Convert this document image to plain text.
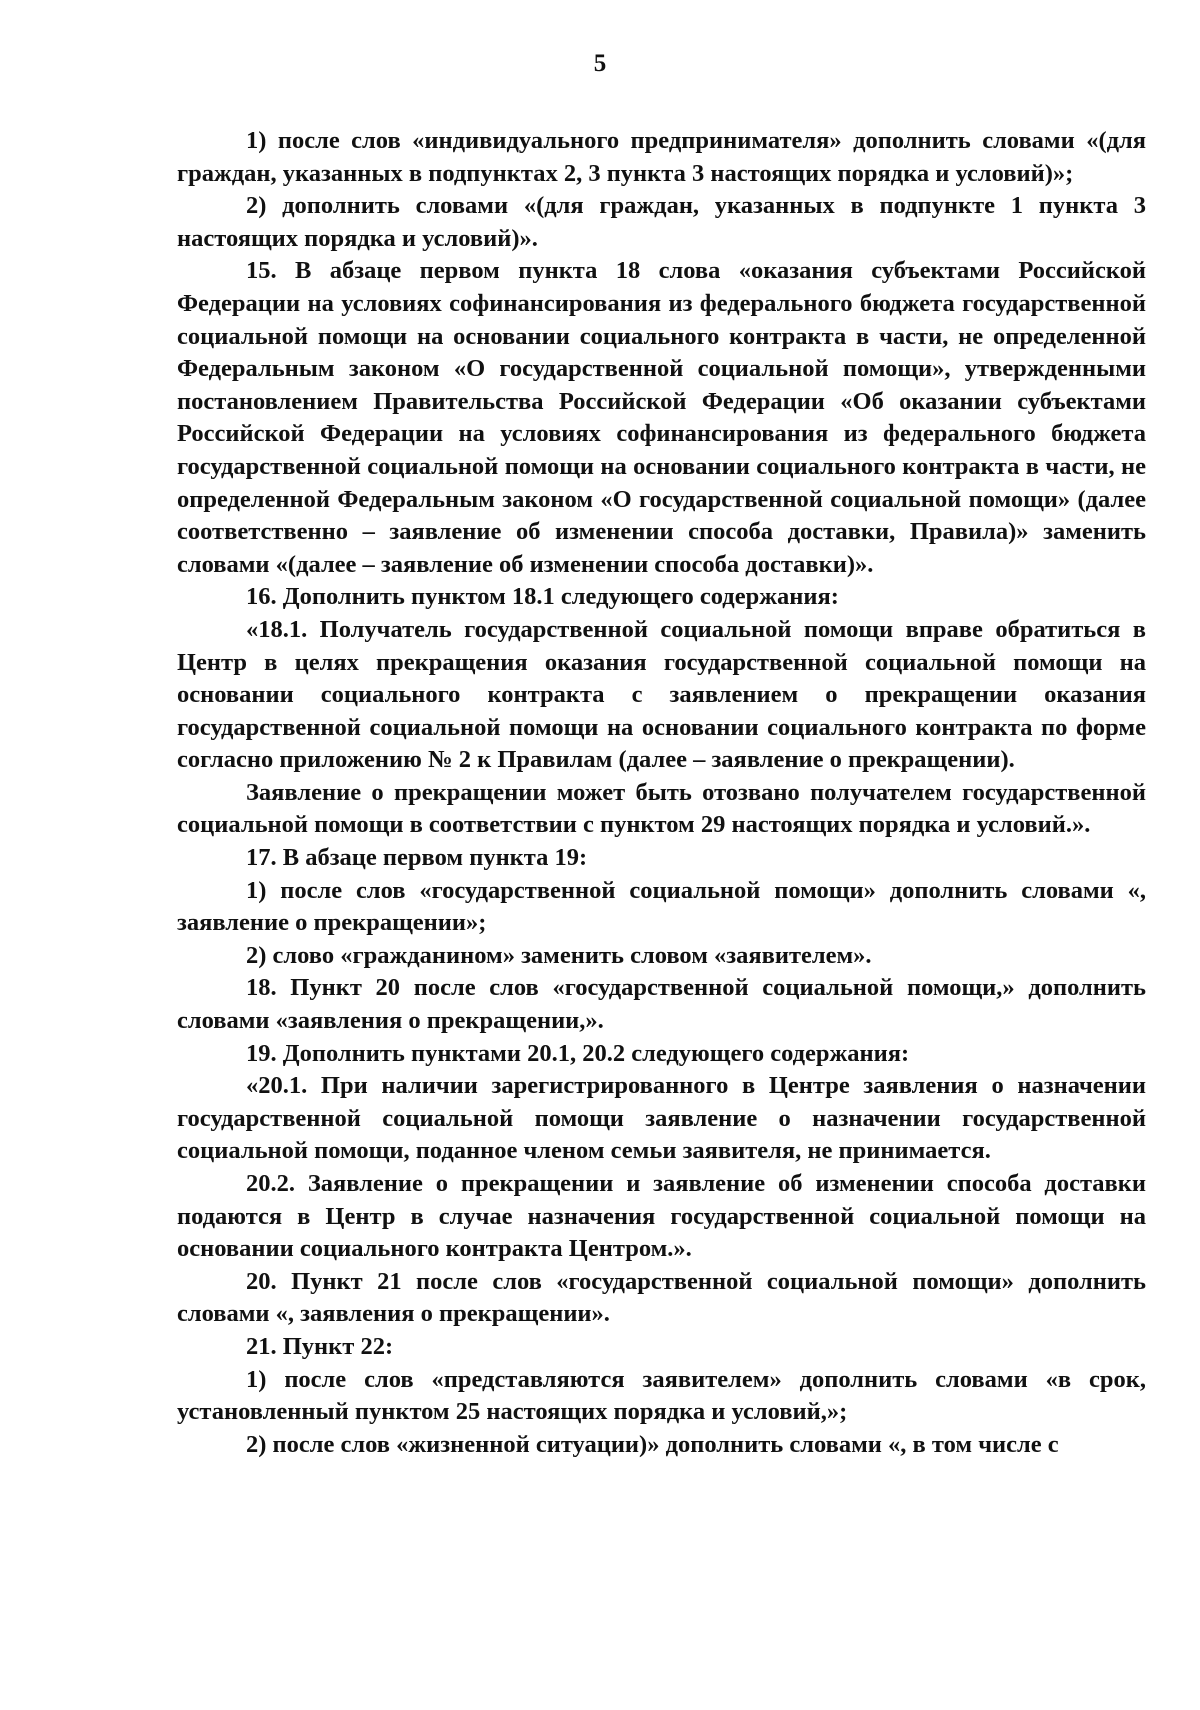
5

1) после слов «индивидуального предпринимателя» дополнить словами «(для граждан, указанных в подпунктах 2, 3 пункта 3 настоящих порядка и условий)»;

2) дополнить словами «(для граждан, указанных в подпункте 1 пункта 3 настоящих порядка и условий)».

15. В абзаце первом пункта 18 слова «оказания субъектами Российской Федерации на условиях софинансирования из федерального бюджета государственной социальной помощи на основании социального контракта в части, не определенной Федеральным законом «О государственной социальной помощи», утвержденными постановлением Правительства Российской Федерации «Об оказании субъектами Российской Федерации на условиях софинансирования из федерального бюджета государственной социальной помощи на основании социального контракта в части, не определенной Федеральным законом «О государственной социальной помощи» (далее соответственно – заявление об изменении способа доставки, Правила)» заменить словами «(далее – заявление об изменении способа доставки)».

16. Дополнить пунктом 18.1 следующего содержания:

«18.1. Получатель государственной социальной помощи вправе обратиться в Центр в целях прекращения оказания государственной социальной помощи на основании социального контракта с заявлением о прекращении оказания государственной социальной помощи на основании социального контракта по форме согласно приложению № 2 к Правилам (далее – заявление о прекращении).

Заявление о прекращении может быть отозвано получателем государственной социальной помощи в соответствии с пунктом 29 настоящих порядка и условий.».

17. В абзаце первом пункта 19:

1) после слов «государственной социальной помощи» дополнить словами «, заявление о прекращении»;

2) слово «гражданином» заменить словом «заявителем».

18. Пункт 20 после слов «государственной социальной помощи,» дополнить словами «заявления о прекращении,».

19. Дополнить пунктами 20.1, 20.2 следующего содержания:

«20.1. При наличии зарегистрированного в Центре заявления о назначении государственной социальной помощи заявление о назначении государственной социальной помощи, поданное членом семьи заявителя, не принимается.

20.2. Заявление о прекращении и заявление об изменении способа доставки подаются в Центр в случае назначения государственной социальной помощи на основании социального контракта Центром.».

20. Пункт 21 после слов «государственной социальной помощи» дополнить словами «, заявления о прекращении».

21. Пункт 22:

1) после слов «представляются заявителем» дополнить словами «в срок, установленный пунктом 25 настоящих порядка и условий,»;

2) после слов «жизненной ситуации)» дополнить словами «, в том числе с
